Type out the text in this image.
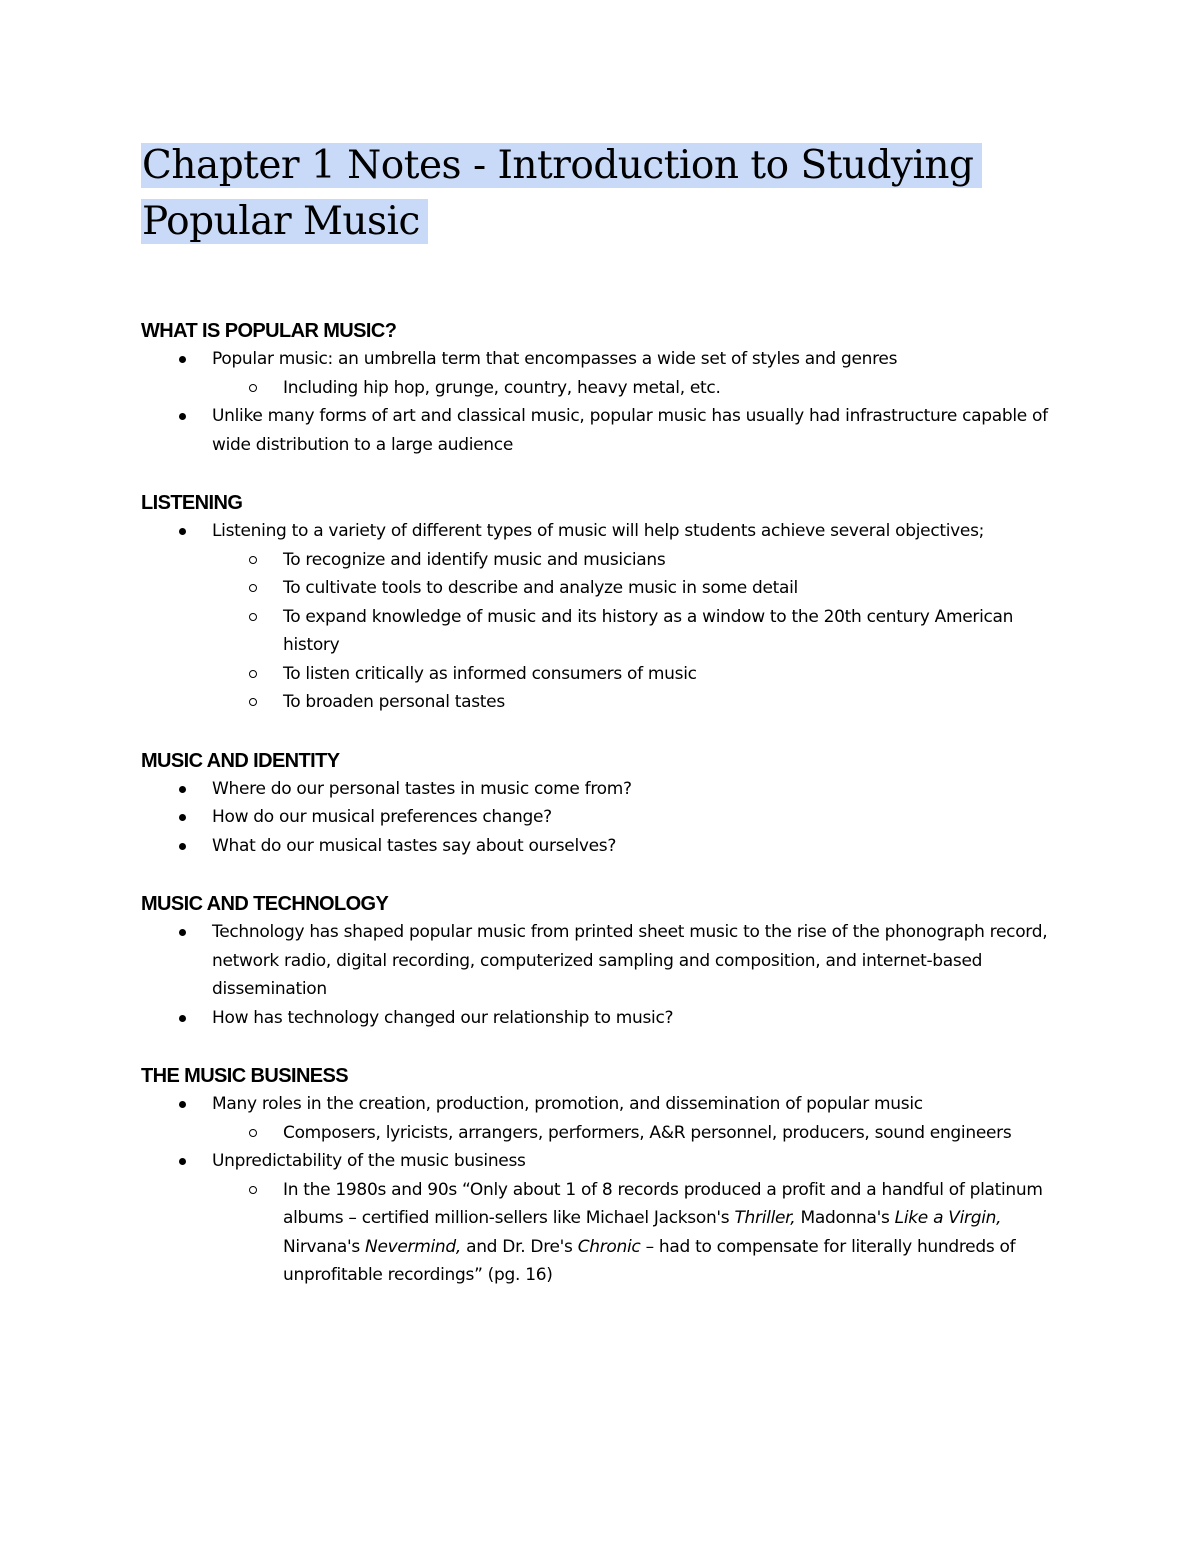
Chapter 1 Notes - Introduction to Studying Popular Music
WHAT IS POPULAR MUSIC?
Popular music: an umbrella term that encompasses a wide set of styles and genres
Including hip hop, grunge, country, heavy metal, etc.
Unlike many forms of art and classical music, popular music has usually had infrastructure capable of wide distribution to a large audience
LISTENING
Listening to a variety of different types of music will help students achieve several objectives;
To recognize and identify music and musicians
To cultivate tools to describe and analyze music in some detail
To expand knowledge of music and its history as a window to the 20th century American history
To listen critically as informed consumers of music
To broaden personal tastes
MUSIC AND IDENTITY
Where do our personal tastes in music come from?
How do our musical preferences change?
What do our musical tastes say about ourselves?
MUSIC AND TECHNOLOGY
Technology has shaped popular music from printed sheet music to the rise of the phonograph record, network radio, digital recording, computerized sampling and composition, and internet-based dissemination
How has technology changed our relationship to music?
THE MUSIC BUSINESS
Many roles in the creation, production, promotion, and dissemination of popular music
Composers, lyricists, arrangers, performers, A&R personnel, producers, sound engineers
Unpredictability of the music business
In the 1980s and 90s “Only about 1 of 8 records produced a profit and a handful of platinum albums – certified million-sellers like Michael Jackson's Thriller, Madonna's Like a Virgin, Nirvana's Nevermind, and Dr. Dre's Chronic – had to compensate for literally hundreds of unprofitable recordings” (pg. 16)
